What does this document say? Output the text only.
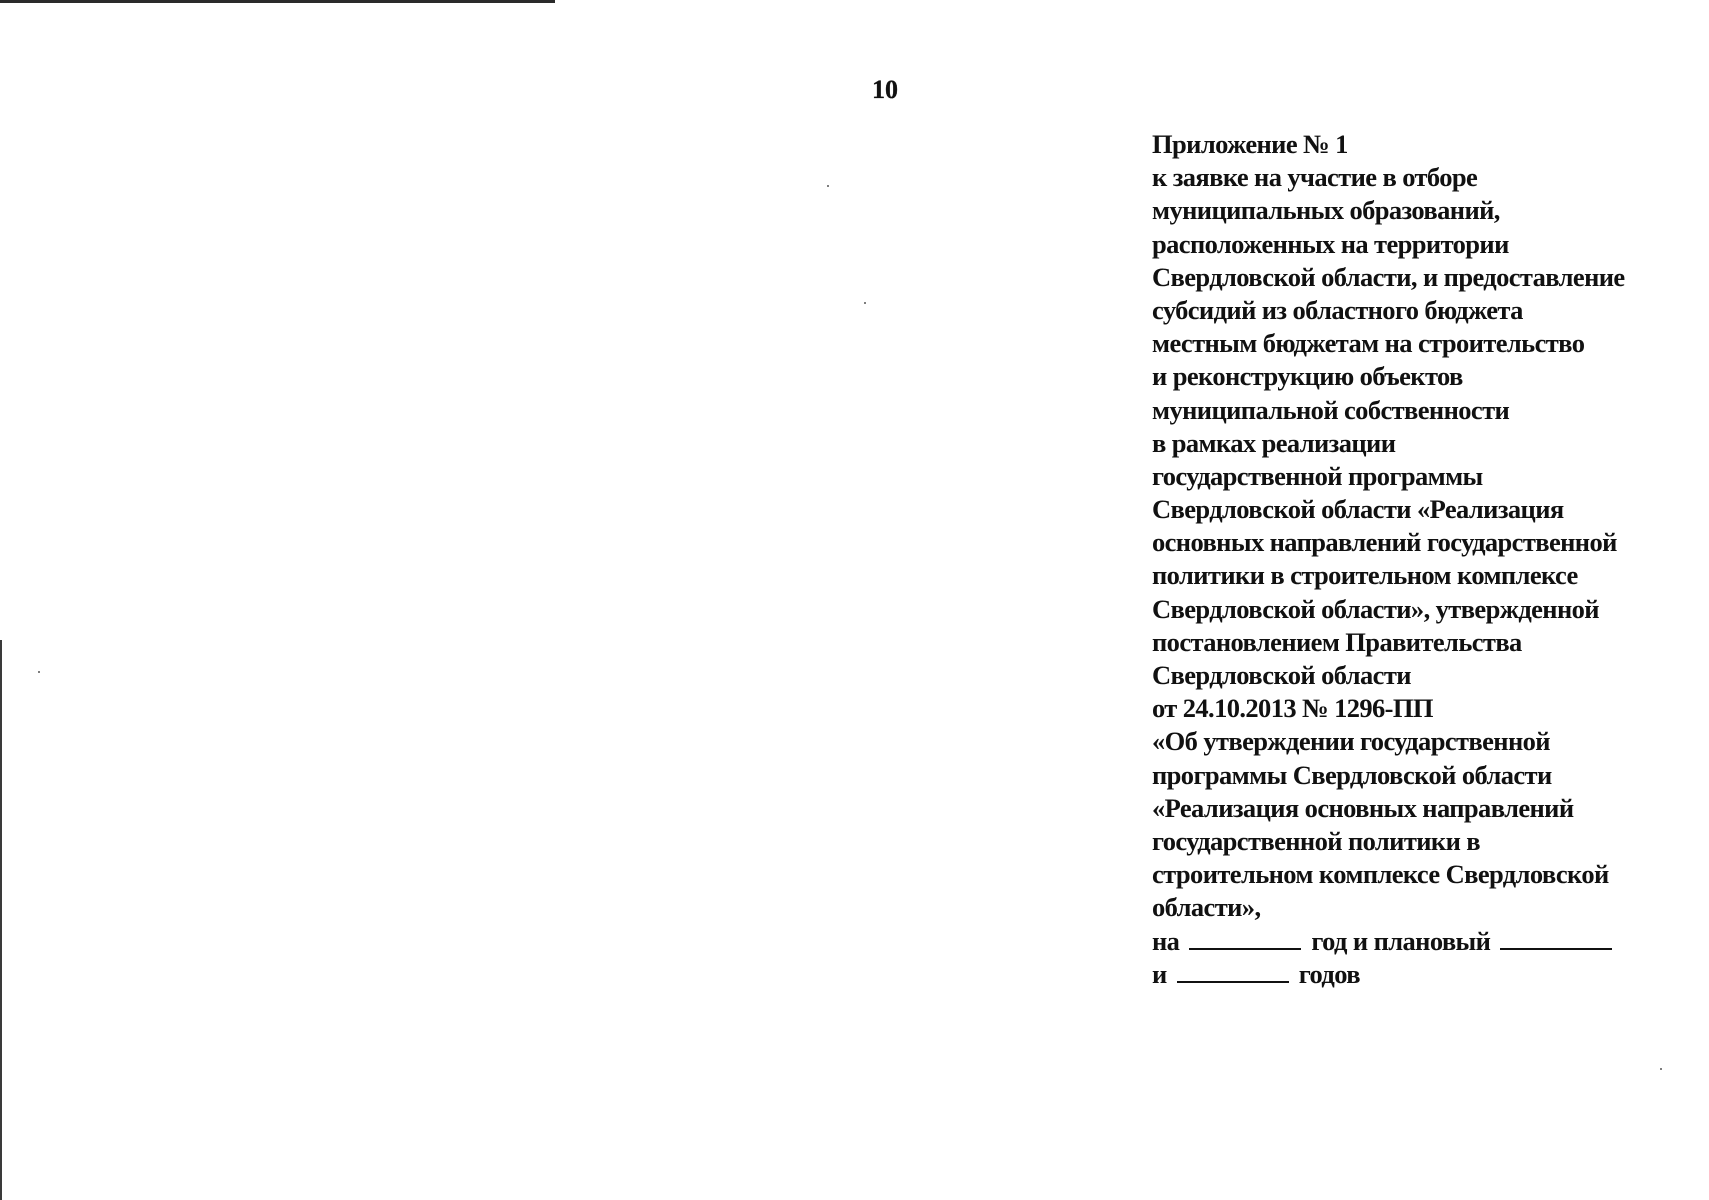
10
Приложение № 1
к заявке на участие в отборе
муниципальных образований,
расположенных на территории
Свердловской области, и предоставление
субсидий из областного бюджета
местным бюджетам на строительство
и реконструкцию объектов
муниципальной собственности
в рамках реализации
государственной программы
Свердловской области «Реализация
основных направлений государственной
политики в строительном комплексе
Свердловской области», утвержденной
постановлением Правительства
Свердловской области
от 24.10.2013 № 1296-ПП
«Об утверждении государственной
программы Свердловской области
«Реализация основных направлений
государственной политики в
строительном комплексе Свердловской
области»,
на	год и плановый
и	годов
